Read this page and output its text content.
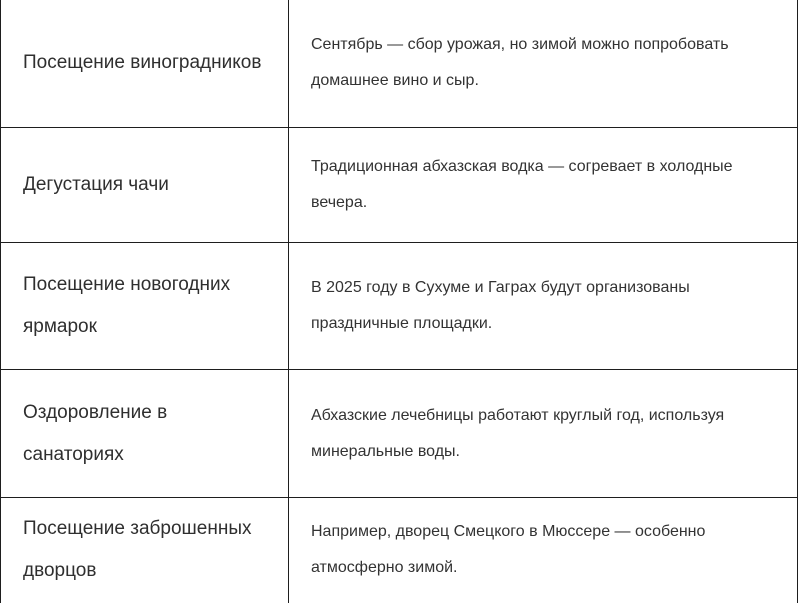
Посещение виноградников	Сентябрь — сбор урожая, но зимой можно попробовать домашнее вино и сыр.

Дегустация чачи	Традиционная абхазская водка — согревает в холодные вечера.

Посещение новогодних ярмарок	В 2025 году в Сухуме и Гаграх будут организованы праздничные площадки.

Оздоровление в санаториях	Абхазские лечебницы работают круглый год, используя минеральные воды.

Посещение заброшенных дворцов	Например, дворец Смецкого в Мюссере — особенно атмосферно зимой.
